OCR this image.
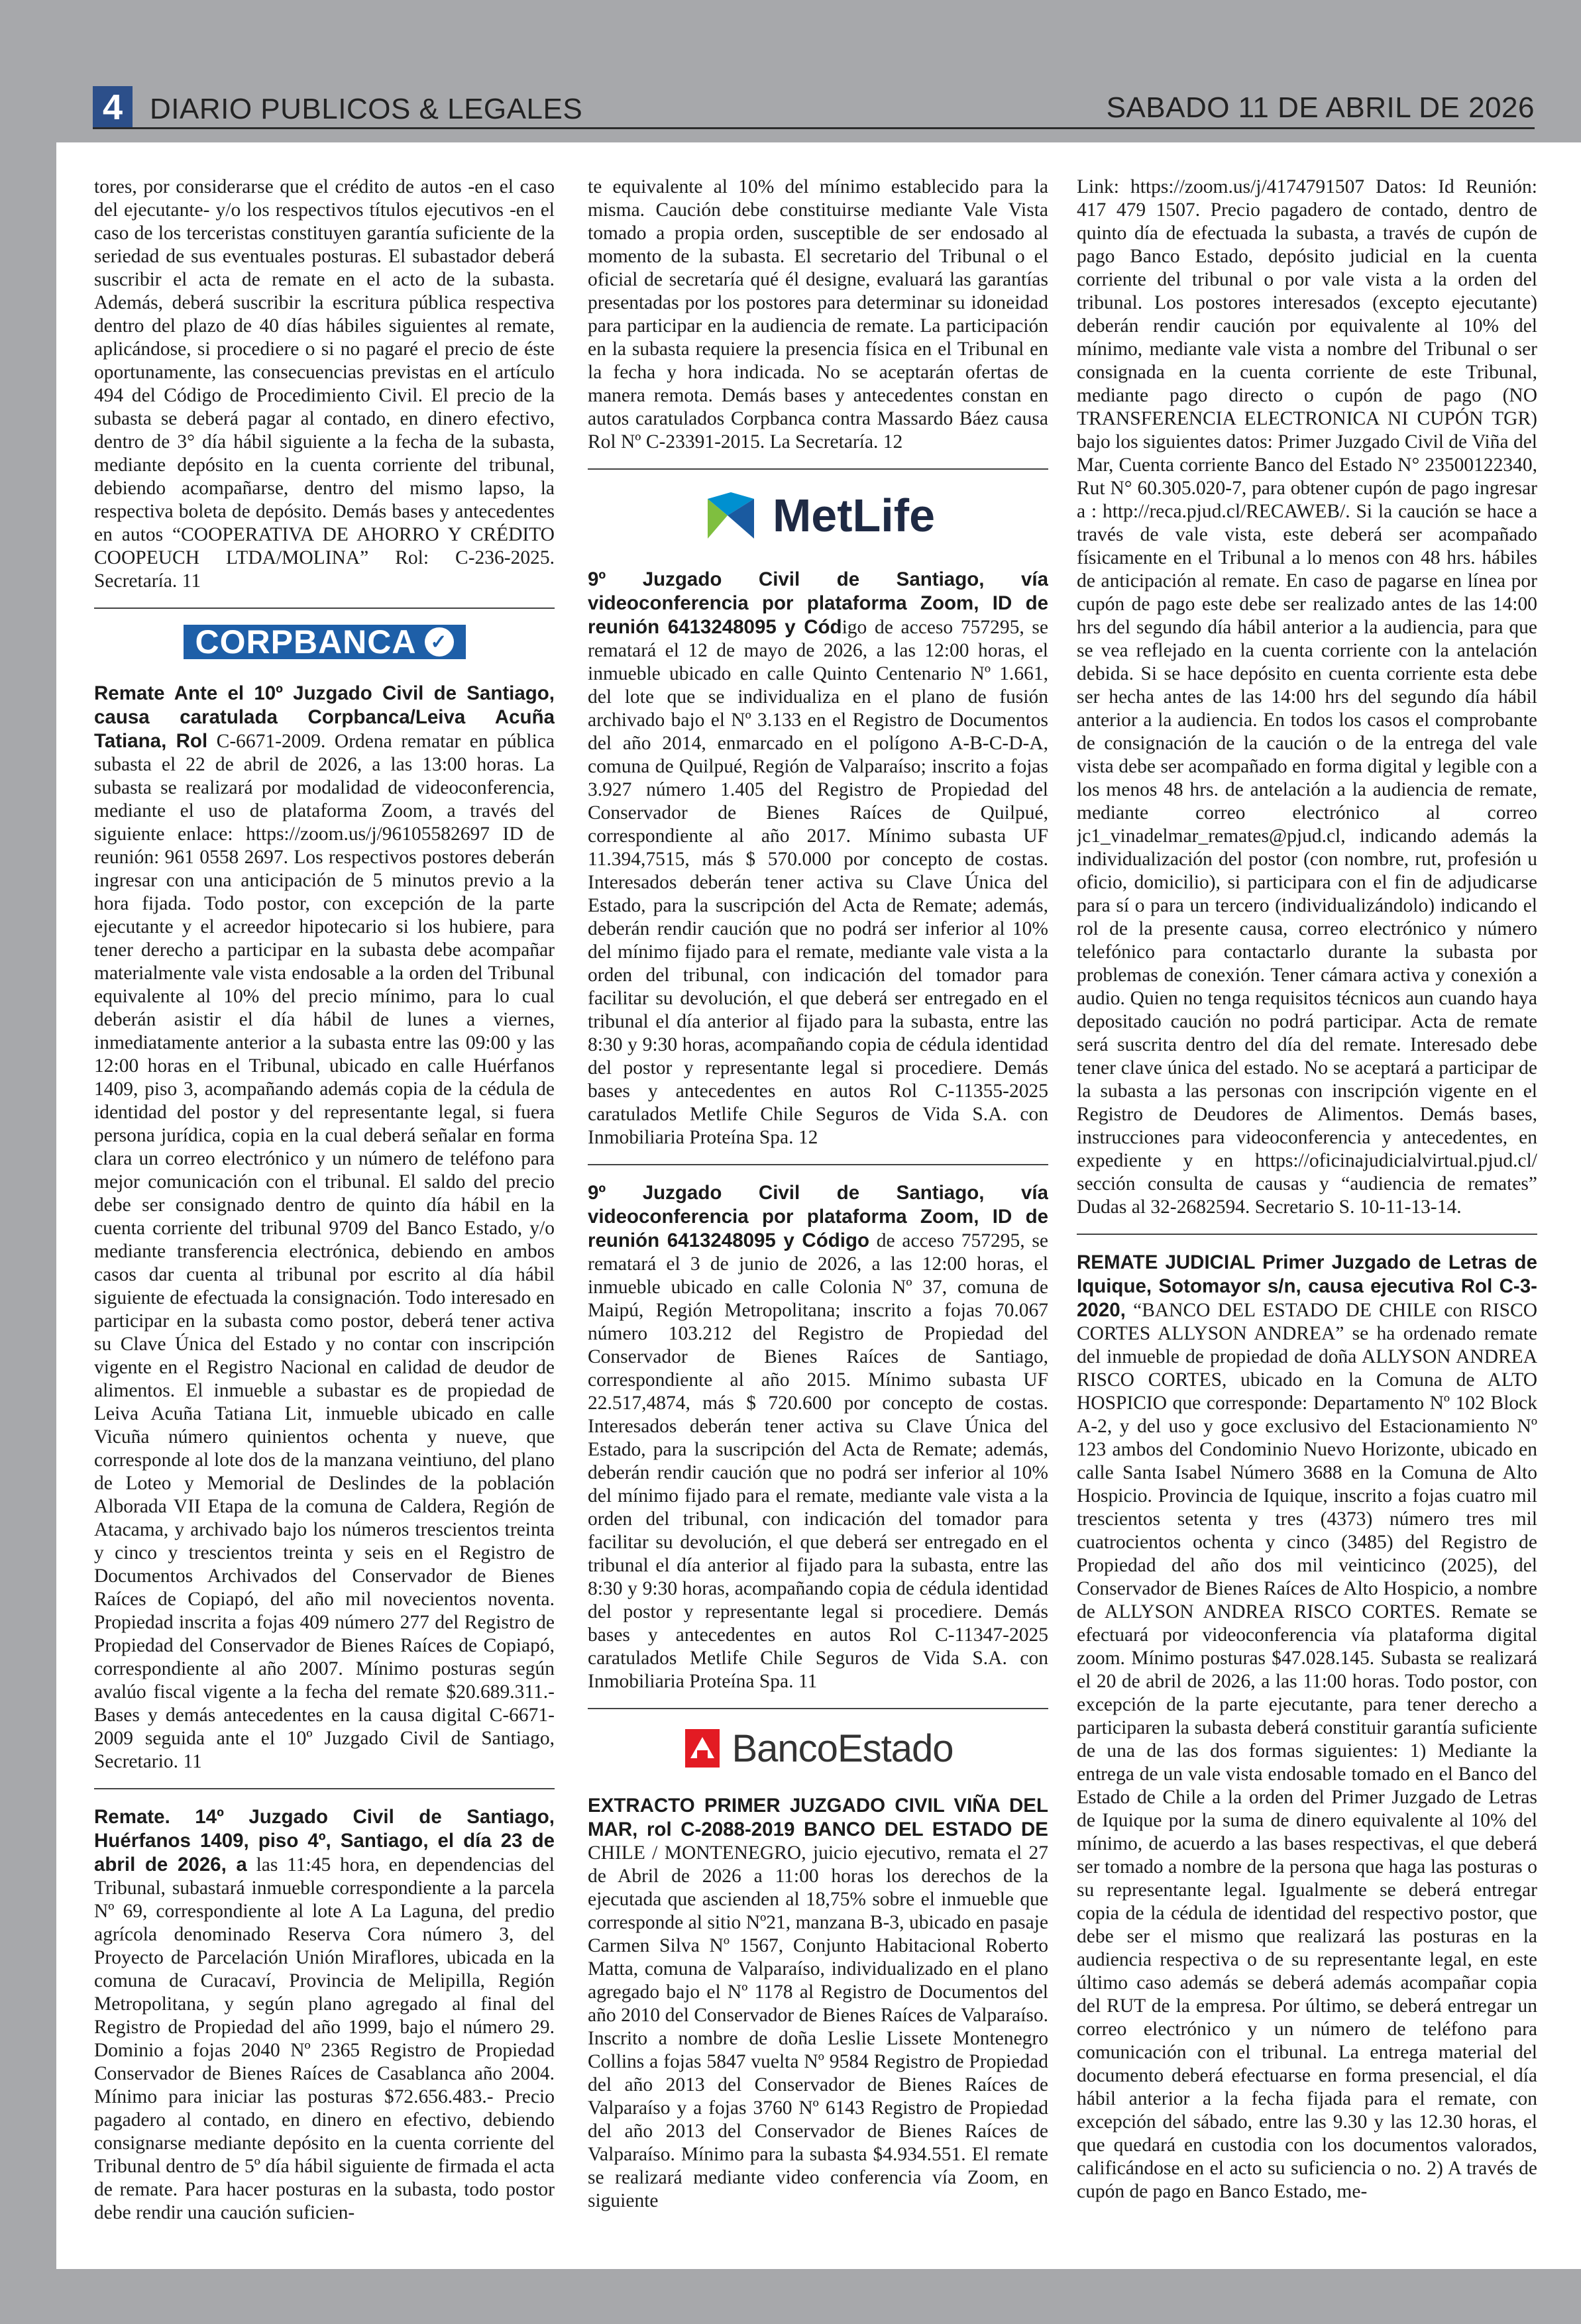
4 DIARIO PUBLICOS & LEGALES	SABADO 11 DE ABRIL DE 2026

tores, por considerarse que el crédito de autos -en el caso del ejecutante- y/o los respectivos títulos ejecutivos -en el caso de los terceristas constituyen garantía suficiente de la seriedad de sus eventuales posturas. El subastador deberá suscribir el acta de remate en el acto de la subasta. Además, deberá suscribir la escritura pública respectiva dentro del plazo de 40 días hábiles siguientes al remate, aplicándose, si procediere o si no pagaré el precio de éste oportunamente, las consecuencias previstas en el artículo 494 del Código de Procedimiento Civil. El precio de la subasta se deberá pagar al contado, en dinero efectivo, dentro de 3° día hábil siguiente a la fecha de la subasta, mediante depósito en la cuenta corriente del tribunal, debiendo acompañarse, dentro del mismo lapso, la respectiva boleta de depósito. Demás bases y antecedentes en autos “COOPERATIVA DE AHORRO Y CRÉDITO COOPEUCH LTDA/MOLINA” Rol: C-236-2025. Secretaría. 11

CORPBANCA ✓

Remate Ante el 10º Juzgado Civil de Santiago, causa caratulada Corpbanca/Leiva Acuña Tatiana, Rol C-6671-2009. Ordena rematar en pública subasta el 22 de abril de 2026, a las 13:00 horas. La subasta se realizará por modalidad de videoconferencia, mediante el uso de plataforma Zoom, a través del siguiente enlace: https://zoom.us/j/96105582697 ID de reunión: 961 0558 2697. Los respectivos postores deberán ingresar con una anticipación de 5 minutos previo a la hora fijada. Todo postor, con excepción de la parte ejecutante y el acreedor hipotecario si los hubiere, para tener derecho a participar en la subasta debe acompañar materialmente vale vista endosable a la orden del Tribunal equivalente al 10% del precio mínimo, para lo cual deberán asistir el día hábil de lunes a viernes, inmediatamente anterior a la subasta entre las 09:00 y las 12:00 horas en el Tribunal, ubicado en calle Huérfanos 1409, piso 3, acompañando además copia de la cédula de identidad del postor y del representante legal, si fuera persona jurídica, copia en la cual deberá señalar en forma clara un correo electrónico y un número de teléfono para mejor comunicación con el tribunal. El saldo del precio debe ser consignado dentro de quinto día hábil en la cuenta corriente del tribunal 9709 del Banco Estado, y/o mediante transferencia electrónica, debiendo en ambos casos dar cuenta al tribunal por escrito al día hábil siguiente de efectuada la consignación. Todo interesado en participar en la subasta como postor, deberá tener activa su Clave Única del Estado y no contar con inscripción vigente en el Registro Nacional en calidad de deudor de alimentos. El inmueble a subastar es de propiedad de Leiva Acuña Tatiana Lit, inmueble ubicado en calle Vicuña número quinientos ochenta y nueve, que corresponde al lote dos de la manzana veintiuno, del plano de Loteo y Memorial de Deslindes de la población Alborada VII Etapa de la comuna de Caldera, Región de Atacama, y archivado bajo los números trescientos treinta y cinco y trescientos treinta y seis en el Registro de Documentos Archivados del Conservador de Bienes Raíces de Copiapó, del año mil novecientos noventa. Propiedad inscrita a fojas 409 número 277 del Registro de Propiedad del Conservador de Bienes Raíces de Copiapó, correspondiente al año 2007. Mínimo posturas según avalúo fiscal vigente a la fecha del remate $20.689.311.- Bases y demás antecedentes en la causa digital C-6671-2009 seguida ante el 10º Juzgado Civil de Santiago, Secretario. 11

Remate. 14º Juzgado Civil de Santiago, Huérfanos 1409, piso 4º, Santiago, el día 23 de abril de 2026, a las 11:45 hora, en dependencias del Tribunal, subastará inmueble correspondiente a la parcela Nº 69, correspondiente al lote A La Laguna, del predio agrícola denominado Reserva Cora número 3, del Proyecto de Parcelación Unión Miraflores, ubicada en la comuna de Curacaví, Provincia de Melipilla, Región Metropolitana, y según plano agregado al final del Registro de Propiedad del año 1999, bajo el número 29. Dominio a fojas 2040 Nº 2365 Registro de Propiedad Conservador de Bienes Raíces de Casablanca año 2004. Mínimo para iniciar las posturas $72.656.483.- Precio pagadero al contado, en dinero en efectivo, debiendo consignarse mediante depósito en la cuenta corriente del Tribunal dentro de 5º día hábil siguiente de firmada el acta de remate. Para hacer posturas en la subasta, todo postor debe rendir una caución suficien-

te equivalente al 10% del mínimo establecido para la misma. Caución debe constituirse mediante Vale Vista tomado a propia orden, susceptible de ser endosado al momento de la subasta. El secretario del Tribunal o el oficial de secretaría qué él designe, evaluará las garantías presentadas por los postores para determinar su idoneidad para participar en la audiencia de remate. La participación en la subasta requiere la presencia física en el Tribunal en la fecha y hora indicada. No se aceptarán ofertas de manera remota. Demás bases y antecedentes constan en autos caratulados Corpbanca contra Massardo Báez causa Rol Nº C-23391-2015. La Secretaría. 12

MetLife

9º Juzgado Civil de Santiago, vía videoconferencia por plataforma Zoom, ID de reunión 6413248095 y Código de acceso 757295, se rematará el 12 de mayo de 2026, a las 12:00 horas, el inmueble ubicado en calle Quinto Centenario Nº 1.661, del lote que se individualiza en el plano de fusión archivado bajo el Nº 3.133 en el Registro de Documentos del año 2014, enmarcado en el polígono A-B-C-D-A, comuna de Quilpué, Región de Valparaíso; inscrito a fojas 3.927 número 1.405 del Registro de Propiedad del Conservador de Bienes Raíces de Quilpué, correspondiente al año 2017. Mínimo subasta UF 11.394,7515, más $ 570.000 por concepto de costas. Interesados deberán tener activa su Clave Única del Estado, para la suscripción del Acta de Remate; además, deberán rendir caución que no podrá ser inferior al 10% del mínimo fijado para el remate, mediante vale vista a la orden del tribunal, con indicación del tomador para facilitar su devolución, el que deberá ser entregado en el tribunal el día anterior al fijado para la subasta, entre las 8:30 y 9:30 horas, acompañando copia de cédula identidad del postor y representante legal si procediere. Demás bases y antecedentes en autos Rol C-11355-2025 caratulados Metlife Chile Seguros de Vida S.A. con Inmobiliaria Proteína Spa. 12

9º Juzgado Civil de Santiago, vía videoconferencia por plataforma Zoom, ID de reunión 6413248095 y Código de acceso 757295, se rematará el 3 de junio de 2026, a las 12:00 horas, el inmueble ubicado en calle Colonia Nº 37, comuna de Maipú, Región Metropolitana; inscrito a fojas 70.067 número 103.212 del Registro de Propiedad del Conservador de Bienes Raíces de Santiago, correspondiente al año 2015. Mínimo subasta UF 22.517,4874, más $ 720.600 por concepto de costas. Interesados deberán tener activa su Clave Única del Estado, para la suscripción del Acta de Remate; además, deberán rendir caución que no podrá ser inferior al 10% del mínimo fijado para el remate, mediante vale vista a la orden del tribunal, con indicación del tomador para facilitar su devolución, el que deberá ser entregado en el tribunal el día anterior al fijado para la subasta, entre las 8:30 y 9:30 horas, acompañando copia de cédula identidad del postor y representante legal si procediere. Demás bases y antecedentes en autos Rol C-11347-2025 caratulados Metlife Chile Seguros de Vida S.A. con Inmobiliaria Proteína Spa. 11

BancoEstado

EXTRACTO PRIMER JUZGADO CIVIL VIÑA DEL MAR, rol C-2088-2019 BANCO DEL ESTADO DE CHILE / MONTENEGRO, juicio ejecutivo, remata el 27 de Abril de 2026 a 11:00 horas los derechos de la ejecutada que ascienden al 18,75% sobre el inmueble que corresponde al sitio Nº21, manzana B-3, ubicado en pasaje Carmen Silva Nº 1567, Conjunto Habitacional Roberto Matta, comuna de Valparaíso, individualizado en el plano agregado bajo el Nº 1178 al Registro de Documentos del año 2010 del Conservador de Bienes Raíces de Valparaíso. Inscrito a nombre de doña Leslie Lissete Montenegro Collins a fojas 5847 vuelta Nº 9584 Registro de Propiedad del año 2013 del Conservador de Bienes Raíces de Valparaíso y a fojas 3760 Nº 6143 Registro de Propiedad del año 2013 del Conservador de Bienes Raíces de Valparaíso. Mínimo para la subasta $4.934.551. El remate se realizará mediante video conferencia vía Zoom, en siguiente

Link: https://zoom.us/j/4174791507 Datos: Id Reunión: 417 479 1507. Precio pagadero de contado, dentro de quinto día de efectuada la subasta, a través de cupón de pago Banco Estado, depósito judicial en la cuenta corriente del tribunal o por vale vista a la orden del tribunal. Los postores interesados (excepto ejecutante) deberán rendir caución por equivalente al 10% del mínimo, mediante vale vista a nombre del Tribunal o ser consignada en la cuenta corriente de este Tribunal, mediante pago directo o cupón de pago (NO TRANSFERENCIA ELECTRONICA NI CUPÓN TGR) bajo los siguientes datos: Primer Juzgado Civil de Viña del Mar, Cuenta corriente Banco del Estado N° 23500122340, Rut N° 60.305.020-7, para obtener cupón de pago ingresar a : http://reca.pjud.cl/RECAWEB/. Si la caución se hace a través de vale vista, este deberá ser acompañado físicamente en el Tribunal a lo menos con 48 hrs. hábiles de anticipación al remate. En caso de pagarse en línea por cupón de pago este debe ser realizado antes de las 14:00 hrs del segundo día hábil anterior a la audiencia, para que se vea reflejado en la cuenta corriente con la antelación debida. Si se hace depósito en cuenta corriente esta debe ser hecha antes de las 14:00 hrs del segundo día hábil anterior a la audiencia. En todos los casos el comprobante de consignación de la caución o de la entrega del vale vista debe ser acompañado en forma digital y legible con a los menos 48 hrs. de antelación a la audiencia de remate, mediante correo electrónico al correo jc1_vinadelmar_remates@pjud.cl, indicando además la individualización del postor (con nombre, rut, profesión u oficio, domicilio), si participara con el fin de adjudicarse para sí o para un tercero (individualizándolo) indicando el rol de la presente causa, correo electrónico y número telefónico para contactarlo durante la subasta por problemas de conexión. Tener cámara activa y conexión a audio. Quien no tenga requisitos técnicos aun cuando haya depositado caución no podrá participar. Acta de remate será suscrita dentro del día del remate. Interesado debe tener clave única del estado. No se aceptará a participar de la subasta a las personas con inscripción vigente en el Registro de Deudores de Alimentos. Demás bases, instrucciones para videoconferencia y antecedentes, en expediente y en https://oficinajudicialvirtual.pjud.cl/ sección consulta de causas y “audiencia de remates” Dudas al 32-2682594. Secretario S. 10-11-13-14.

REMATE JUDICIAL Primer Juzgado de Letras de Iquique, Sotomayor s/n, causa ejecutiva Rol C-3-2020, “BANCO DEL ESTADO DE CHILE con RISCO CORTES ALLYSON ANDREA” se ha ordenado remate del inmueble de propiedad de doña ALLYSON ANDREA RISCO CORTES, ubicado en la Comuna de ALTO HOSPICIO que corresponde: Departamento Nº 102 Block A-2, y del uso y goce exclusivo del Estacionamiento Nº 123 ambos del Condominio Nuevo Horizonte, ubicado en calle Santa Isabel Número 3688 en la Comuna de Alto Hospicio. Provincia de Iquique, inscrito a fojas cuatro mil trescientos setenta y tres (4373) número tres mil cuatrocientos ochenta y cinco (3485) del Registro de Propiedad del año dos mil veinticinco (2025), del Conservador de Bienes Raíces de Alto Hospicio, a nombre de ALLYSON ANDREA RISCO CORTES. Remate se efectuará por videoconferencia vía plataforma digital zoom. Mínimo posturas $47.028.145. Subasta se realizará el 20 de abril de 2026, a las 11:00 horas. Todo postor, con excepción de la parte ejecutante, para tener derecho a participaren la subasta deberá constituir garantía suficiente de una de las dos formas siguientes: 1) Mediante la entrega de un vale vista endosable tomado en el Banco del Estado de Chile a la orden del Primer Juzgado de Letras de Iquique por la suma de dinero equivalente al 10% del mínimo, de acuerdo a las bases respectivas, el que deberá ser tomado a nombre de la persona que haga las posturas o su representante legal. Igualmente se deberá entregar copia de la cédula de identidad del respectivo postor, que debe ser el mismo que realizará las posturas en la audiencia respectiva o de su representante legal, en este último caso además se deberá además acompañar copia del RUT de la empresa. Por último, se deberá entregar un correo electrónico y un número de teléfono para comunicación con el tribunal. La entrega material del documento deberá efectuarse en forma presencial, el día hábil anterior a la fecha fijada para el remate, con excepción del sábado, entre las 9.30 y las 12.30 horas, el que quedará en custodia con los documentos valorados, calificándose en el acto su suficiencia o no. 2) A través de cupón de pago en Banco Estado, me-
